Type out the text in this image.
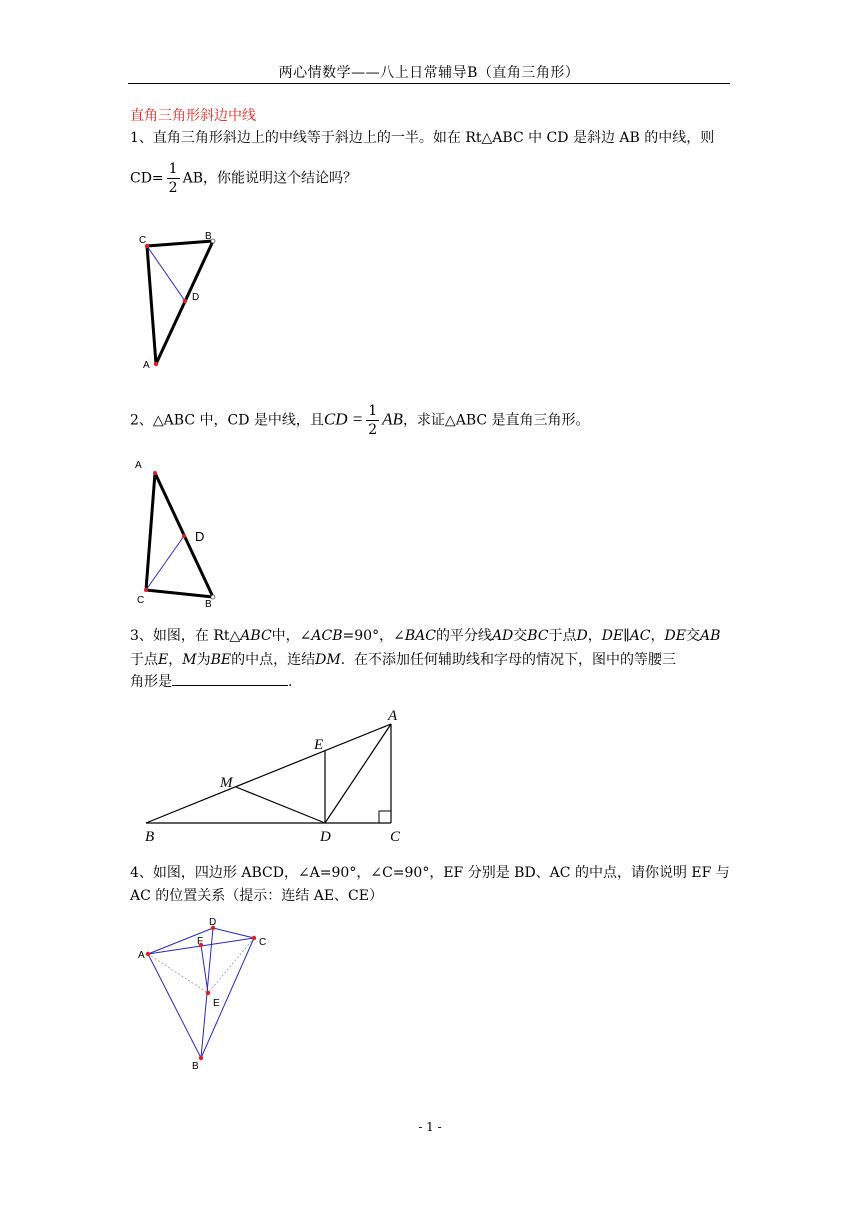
两心情数学——八上日常辅导B（直角三角形）
直角三角形斜边中线
1、直角三角形斜边上的中线等于斜边上的一半。如在 Rt△ABC 中 CD 是斜边 AB 的中线，则
$CD= \frac{1}{2}$ AB，你能说明这个结论吗？
C	B
D
A
A
D
C	B
A
E
M
B	D	C
D
F	C
A
E
B
2、△ABC 中，CD 是中线，且CD = $\frac{1}{2}$ AB，求证△ABC 是直角三角形。
3、如图，在 Rt△ABC中，∠ACB=90°，∠BAC的平分线AD交BC于点D，DE∥AC，DE交AB
于点E，M为BE的中点，连结DM. 在不添加任何辅助线和字母的情况下，图中的等腰三
角形是	.
4、如图，四边形 ABCD，∠A=90°，∠C=90°，EF 分别是 BD、AC 的中点，请你说明 EF 与
AC 的位置关系（提示：连结 AE、CE）
- 1 -
